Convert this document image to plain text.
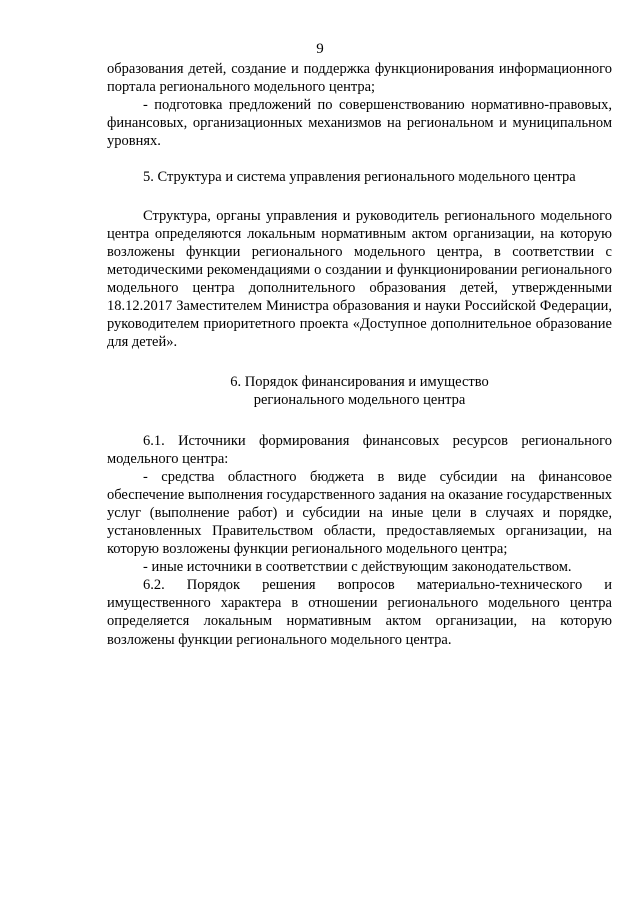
9

образования детей, создание и поддержка функционирования информационного портала регионального модельного центра;

- подготовка предложений по совершенствованию нормативно-правовых, финансовых, организационных механизмов на региональном и муниципальном уровнях.

5. Структура и система управления регионального модельного центра

Структура, органы управления и руководитель регионального модельного центра определяются локальным нормативным актом организации, на которую возложены функции регионального модельного центра, в соответствии с методическими рекомендациями о создании и функционировании регионального модельного центра дополнительного образования детей, утвержденными 18.12.2017 Заместителем Министра образования и науки Российской Федерации, руководителем приоритетного проекта «Доступное дополнительное образование для детей».

6. Порядок финансирования и имущество

регионального модельного центра

6.1. Источники формирования финансовых ресурсов регионального модельного центра:

- средства областного бюджета в виде субсидии на финансовое обеспечение выполнения государственного задания на оказание государственных услуг (выполнение работ) и субсидии на иные цели в случаях и порядке, установленных Правительством области, предоставляемых организации, на которую возложены функции регионального модельного центра;

- иные источники в соответствии с действующим законодательством.

6.2. Порядок решения вопросов материально-технического и имущественного характера в отношении регионального модельного центра определяется локальным нормативным актом организации, на которую возложены функции регионального модельного центра.
